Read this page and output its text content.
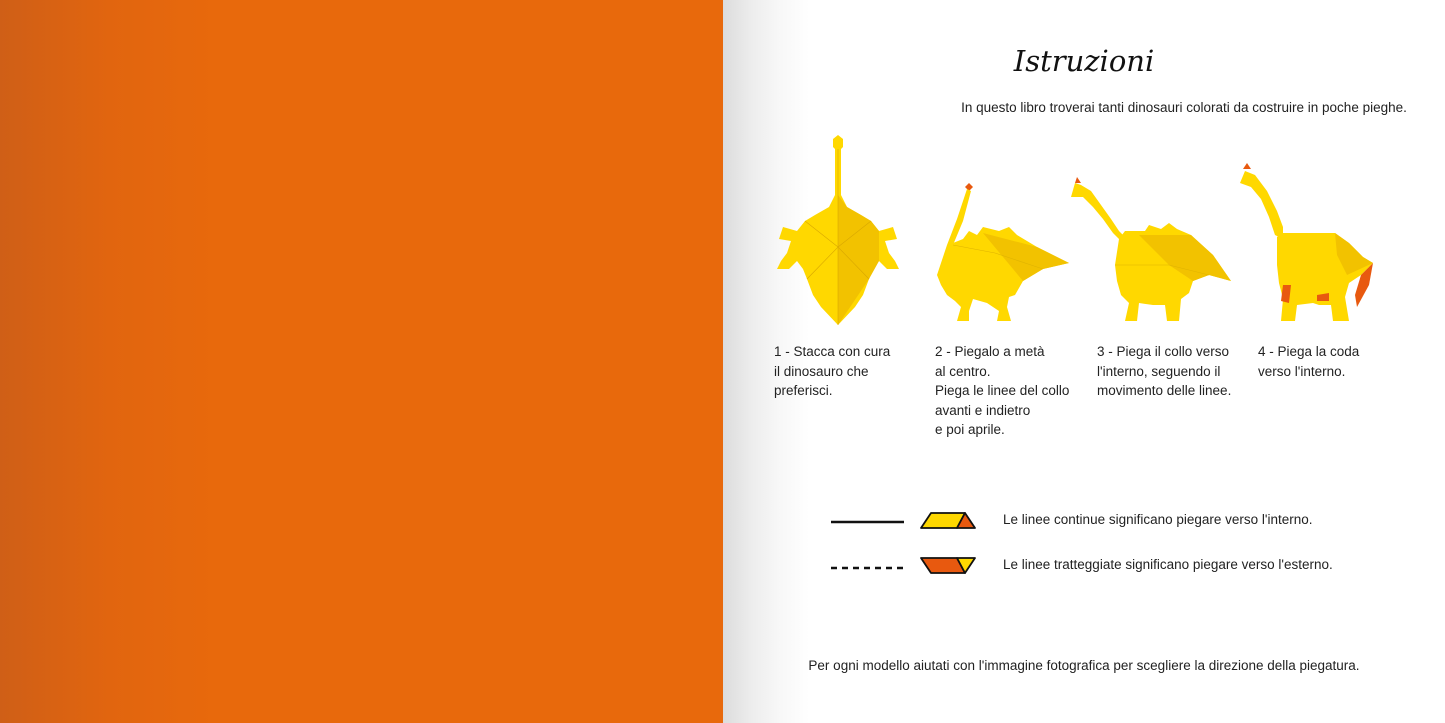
Istruzioni
In questo libro troverai tanti dinosauri colorati da costruire in poche pieghe.
1 - Stacca con cura
il dinosauro che
preferisci.
2 - Piegalo a metà
al centro.
Piega le linee del collo
avanti e indietro
e poi aprile.
3 - Piega il collo verso
l'interno, seguendo il
movimento delle linee.
4 - Piega la coda
verso l'interno.
Le linee continue significano piegare verso l'interno.
Le linee tratteggiate significano piegare verso l'esterno.
Per ogni modello aiutati con l'immagine fotografica per scegliere la direzione della piegatura.
